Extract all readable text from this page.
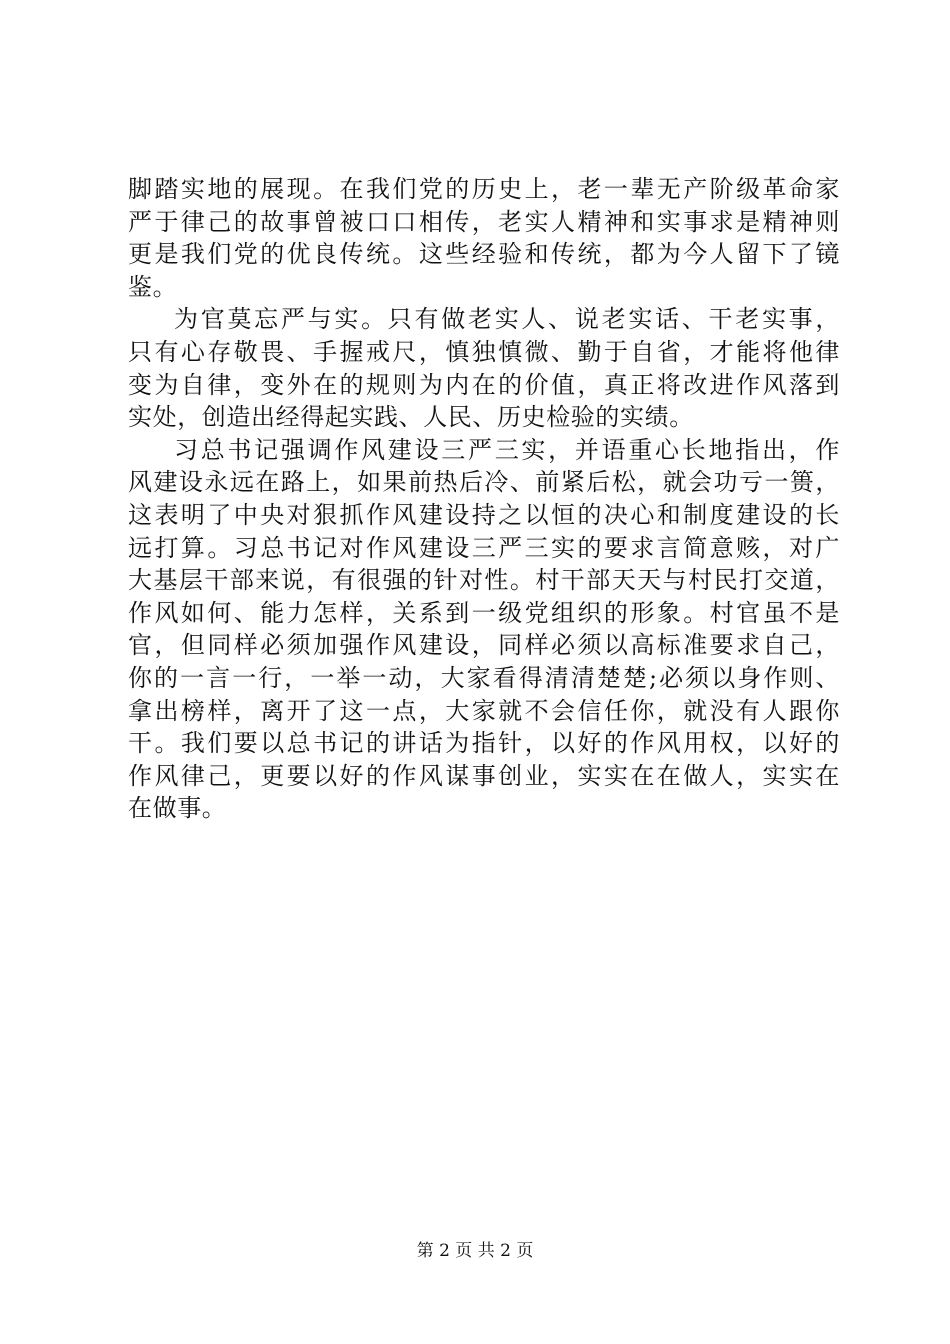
脚踏实地的展现。在我们党的历史上，老一辈无产阶级革命家
严于律己的故事曾被口口相传，老实人精神和实事求是精神则
更是我们党的优良传统。这些经验和传统，都为今人留下了镜
鉴。
为官莫忘严与实。只有做老实人、说老实话、干老实事，
只有心存敬畏、手握戒尺，慎独慎微、勤于自省，才能将他律
变为自律，变外在的规则为内在的价值，真正将改进作风落到
实处，创造出经得起实践、人民、历史检验的实绩。
习总书记强调作风建设三严三实，并语重心长地指出，作
风建设永远在路上，如果前热后冷、前紧后松，就会功亏一篑，
这表明了中央对狠抓作风建设持之以恒的决心和制度建设的长
远打算。习总书记对作风建设三严三实的要求言简意赅，对广
大基层干部来说，有很强的针对性。村干部天天与村民打交道，
作风如何、能力怎样，关系到一级党组织的形象。村官虽不是
官，但同样必须加强作风建设，同样必须以高标准要求自己，
你的一言一行，一举一动，大家看得清清楚楚;必须以身作则、
拿出榜样，离开了这一点，大家就不会信任你，就没有人跟你
干。我们要以总书记的讲话为指针，以好的作风用权，以好的
作风律己，更要以好的作风谋事创业，实实在在做人，实实在
在做事。
第 2 页 共 2 页
